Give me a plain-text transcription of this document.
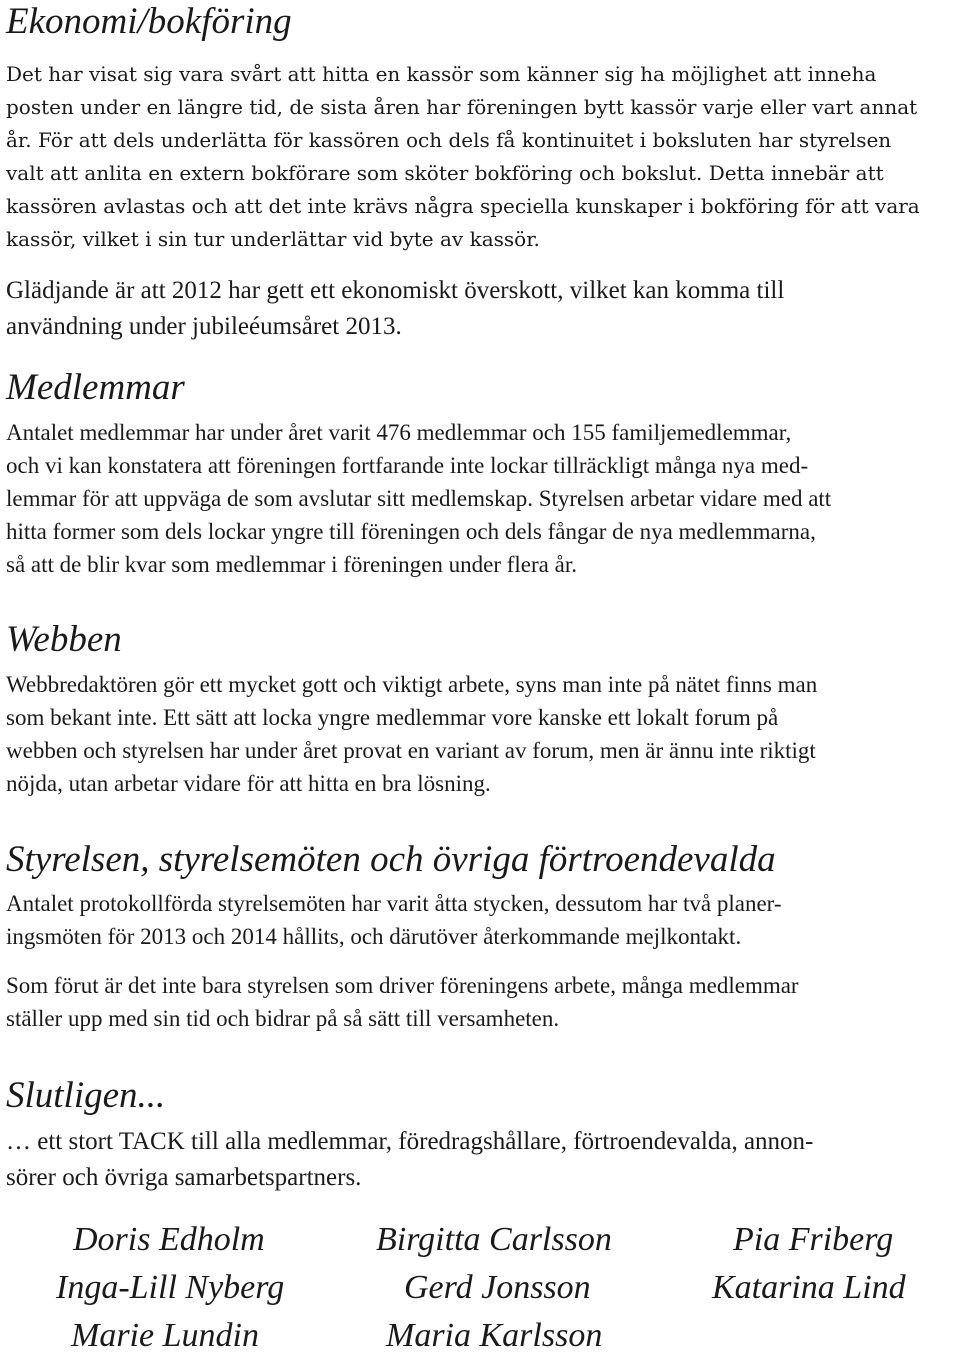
Ekonomi/bokföring
Det har visat sig vara svårt att hitta en kassör som känner sig ha möjlighet att inneha
posten under en längre tid, de sista åren har föreningen bytt kassör varje eller vart annat
år. För att dels underlätta för kassören och dels få kontinuitet i boksluten har styrelsen
valt att anlita en extern bokförare som sköter bokföring och bokslut. Detta innebär att
kassören avlastas och att det inte krävs några speciella kunskaper i bokföring för att vara
kassör, vilket i sin tur underlättar vid byte av kassör.
Glädjande är att 2012 har gett ett ekonomiskt överskott, vilket kan komma till
användning under jubileéumsåret 2013.
Medlemmar
Antalet medlemmar har under året varit 476 medlemmar och 155 familjemedlemmar,
och vi kan konstatera att föreningen fortfarande inte lockar tillräckligt många nya med-
lemmar för att uppväga de som avslutar sitt medlemskap. Styrelsen arbetar vidare med att
hitta former som dels lockar yngre till föreningen och dels fångar de nya medlemmarna,
så att de blir kvar som medlemmar i föreningen under flera år.
Webben
Webbredaktören gör ett mycket gott och viktigt arbete, syns man inte på nätet finns man
som bekant inte. Ett sätt att locka yngre medlemmar vore kanske ett lokalt forum på
webben och styrelsen har under året provat en variant av forum, men är ännu inte riktigt
nöjda, utan arbetar vidare för att hitta en bra lösning.
Styrelsen, styrelsemöten och övriga förtroendevalda
Antalet protokollförda styrelsemöten har varit åtta stycken, dessutom har två planer-
ingsmöten för 2013 och 2014 hållits, och därutöver återkommande mejlkontakt.
Som förut är det inte bara styrelsen som driver föreningens arbete, många medlemmar
ställer upp med sin tid och bidrar på så sätt till versamheten.
Slutligen...
… ett stort TACK till alla medlemmar, föredragshållare, förtroendevalda, annon-
sörer och övriga samarbetspartners.
Doris Edholm	Birgitta Carlsson	Pia Friberg
Inga-Lill Nyberg	Gerd Jonsson	Katarina Lind
Marie Lundin	Maria Karlsson
